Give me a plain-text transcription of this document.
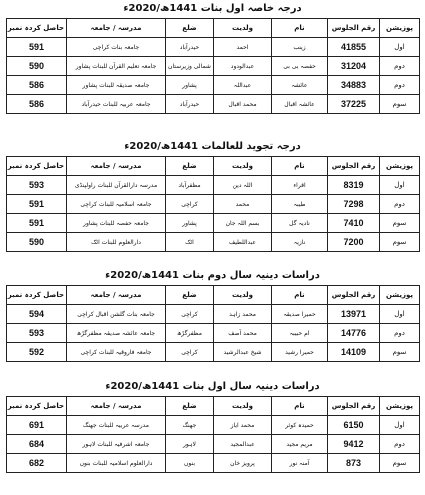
درجہ خاصہ اول بنات 1441ھ/2020ء
پوزیشن	رقم الجلوس	نام	ولدیت	ضلع	مدرسہ / جامعہ	حاصل کردہ نمبر
اول	41855	زینب	احمد	حیدرآباد	جامعہ بنات کراچی	591
دوم	31204	حفصہ بی بی	عبدالودود	شمالی وزیرستان	جامعہ تعلیم القرآن للبنات پشاور	590
دوم	34883	عائشہ	عبداللہ	پشاور	جامعہ صدیقہ للبنات پشاور	586
سوم	37225	عائشہ اقبال	محمد اقبال	حیدرآباد	جامعہ عربیہ للبنات حیدرآباد	586
درجہ تجوید للعالمات 1441ھ/2020ء
پوزیشن	رقم الجلوس	نام	ولدیت	ضلع	مدرسہ / جامعہ	حاصل کردہ نمبر
اول	8319	اقراء	اللہ دین	مظفرآباد	مدرسہ دارالقرآن للبنات راولپنڈی	593
دوم	7298	طیبہ	محمد	کراچی	جامعہ اسلامیہ للبنات کراچی	591
سوم	7410	نادیہ گل	بسم اللہ جان	پشاور	جامعہ حفصہ للبنات پشاور	591
سوم	7200	نازیہ	عبداللطیف	اٹک	دارالعلوم للبنات اٹک	590
دراسات دینیہ سال دوم بنات 1441ھ/2020ء
پوزیشن	رقم الجلوس	نام	ولدیت	ضلع	مدرسہ / جامعہ	حاصل کردہ نمبر
اول	13971	حمیرا صدیقہ	محمد زاہد	کراچی	جامعہ بنات گلشن اقبال کراچی	594
دوم	14776	ام حبیبہ	محمد آصف	مظفرگڑھ	جامعہ عائشہ صدیقہ مظفرگڑھ	593
سوم	14109	حمیرا رشید	شیخ عبدالرشید	کراچی	جامعہ فاروقیہ للبنات کراچی	592
دراسات دینیہ سال اول بنات 1441ھ/2020ء
پوزیشن	رقم الجلوس	نام	ولدیت	ضلع	مدرسہ / جامعہ	حاصل کردہ نمبر
اول	6150	حمیدہ کوثر	محمد ایاز	جھنگ	مدرسہ عربیہ للبنات جھنگ	691
دوم	9412	مریم مجید	عبدالمجید	لاہور	جامعہ اشرفیہ للبنات لاہور	684
سوم	873	آمنہ نور	پرویز خان	بنوں	دارالعلوم اسلامیہ للبنات بنوں	682
